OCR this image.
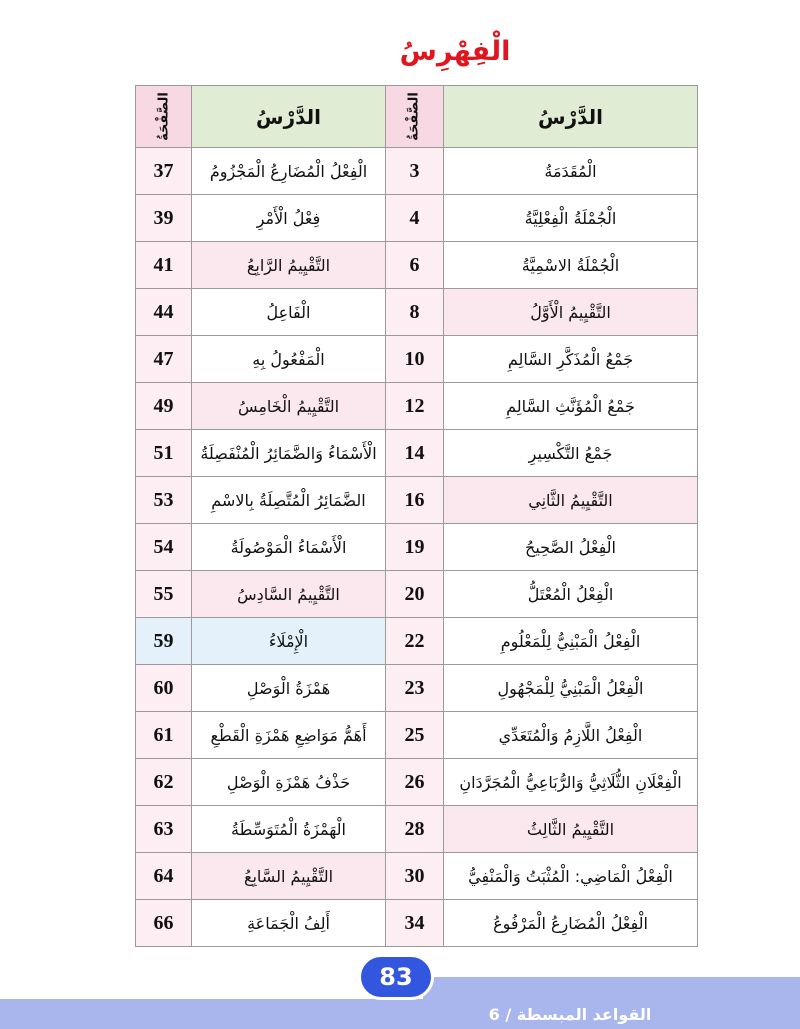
الْفِهْرِسُ
الصَّفْحَةُ	الدَّرْسُ
37	الْفِعْلُ الْمُضَارِعُ الْمَجْزُومُ
39	فِعْلُ الْأَمْرِ
41	التَّقْيِيمُ الرَّابِعُ
44	الْفَاعِلُ
47	الْمَفْعُولُ بِهِ
49	التَّقْيِيمُ الْخَامِسُ
51	الْأَسْمَاءُ وَالضَّمَائِرُ الْمُنْفَصِلَةُ
53	الضَّمَائِرُ الْمُتَّصِلَةُ بِالاسْمِ
54	الْأَسْمَاءُ الْمَوْصُولَةُ
55	التَّقْيِيمُ السَّادِسُ
59	الْإِمْلَاءُ
60	هَمْزَةُ الْوَصْلِ
61	أَهَمُّ مَوَاضِعِ هَمْزَةِ الْقَطْعِ
62	حَذْفُ هَمْزَةِ الْوَصْلِ
63	الْهَمْزَةُ الْمُتَوَسِّطَةُ
64	التَّقْيِيمُ السَّابِعُ
66	أَلِفُ الْجَمَاعَةِ
الصَّفْحَةُ	الدَّرْسُ
3	الْمُقَدَمَةُ
4	الْجُمْلَةُ الْفِعْلِيَّةُ
6	الْجُمْلَةُ الاسْمِيَّةُ
8	التَّقْيِيمُ الْأَوَّلُ
10	جَمْعُ الْمُذَكَّرِ السَّالِمِ
12	جَمْعُ الْمُؤَنَّثِ السَّالِمِ
14	جَمْعُ التَّكْسِيرِ
16	التَّقْيِيمُ الثَّانِي
19	الْفِعْلُ الصَّحِيحُ
20	الْفِعْلُ الْمُعْتَلُّ
22	الْفِعْلُ الْمَبْنِيُّ لِلْمَعْلُومِ
23	الْفِعْلُ الْمَبْنِيُّ لِلْمَجْهُولِ
25	الْفِعْلُ اللَّازِمُ وَالْمُتَعَدِّي
26	الْفِعْلَانِ الثُّلَاثِيُّ وَالرُّبَاعِيُّ الْمُجَرَّدَانِ
28	التَّقْيِيمُ الثَّالِثُ
30	الْفِعْلُ الْمَاضِي: الْمُثْبَتُ وَالْمَنْفِيُّ
34	الْفِعْلُ الْمُضَارِعُ الْمَرْفُوعُ
83
القواعد المبسطة / 6
